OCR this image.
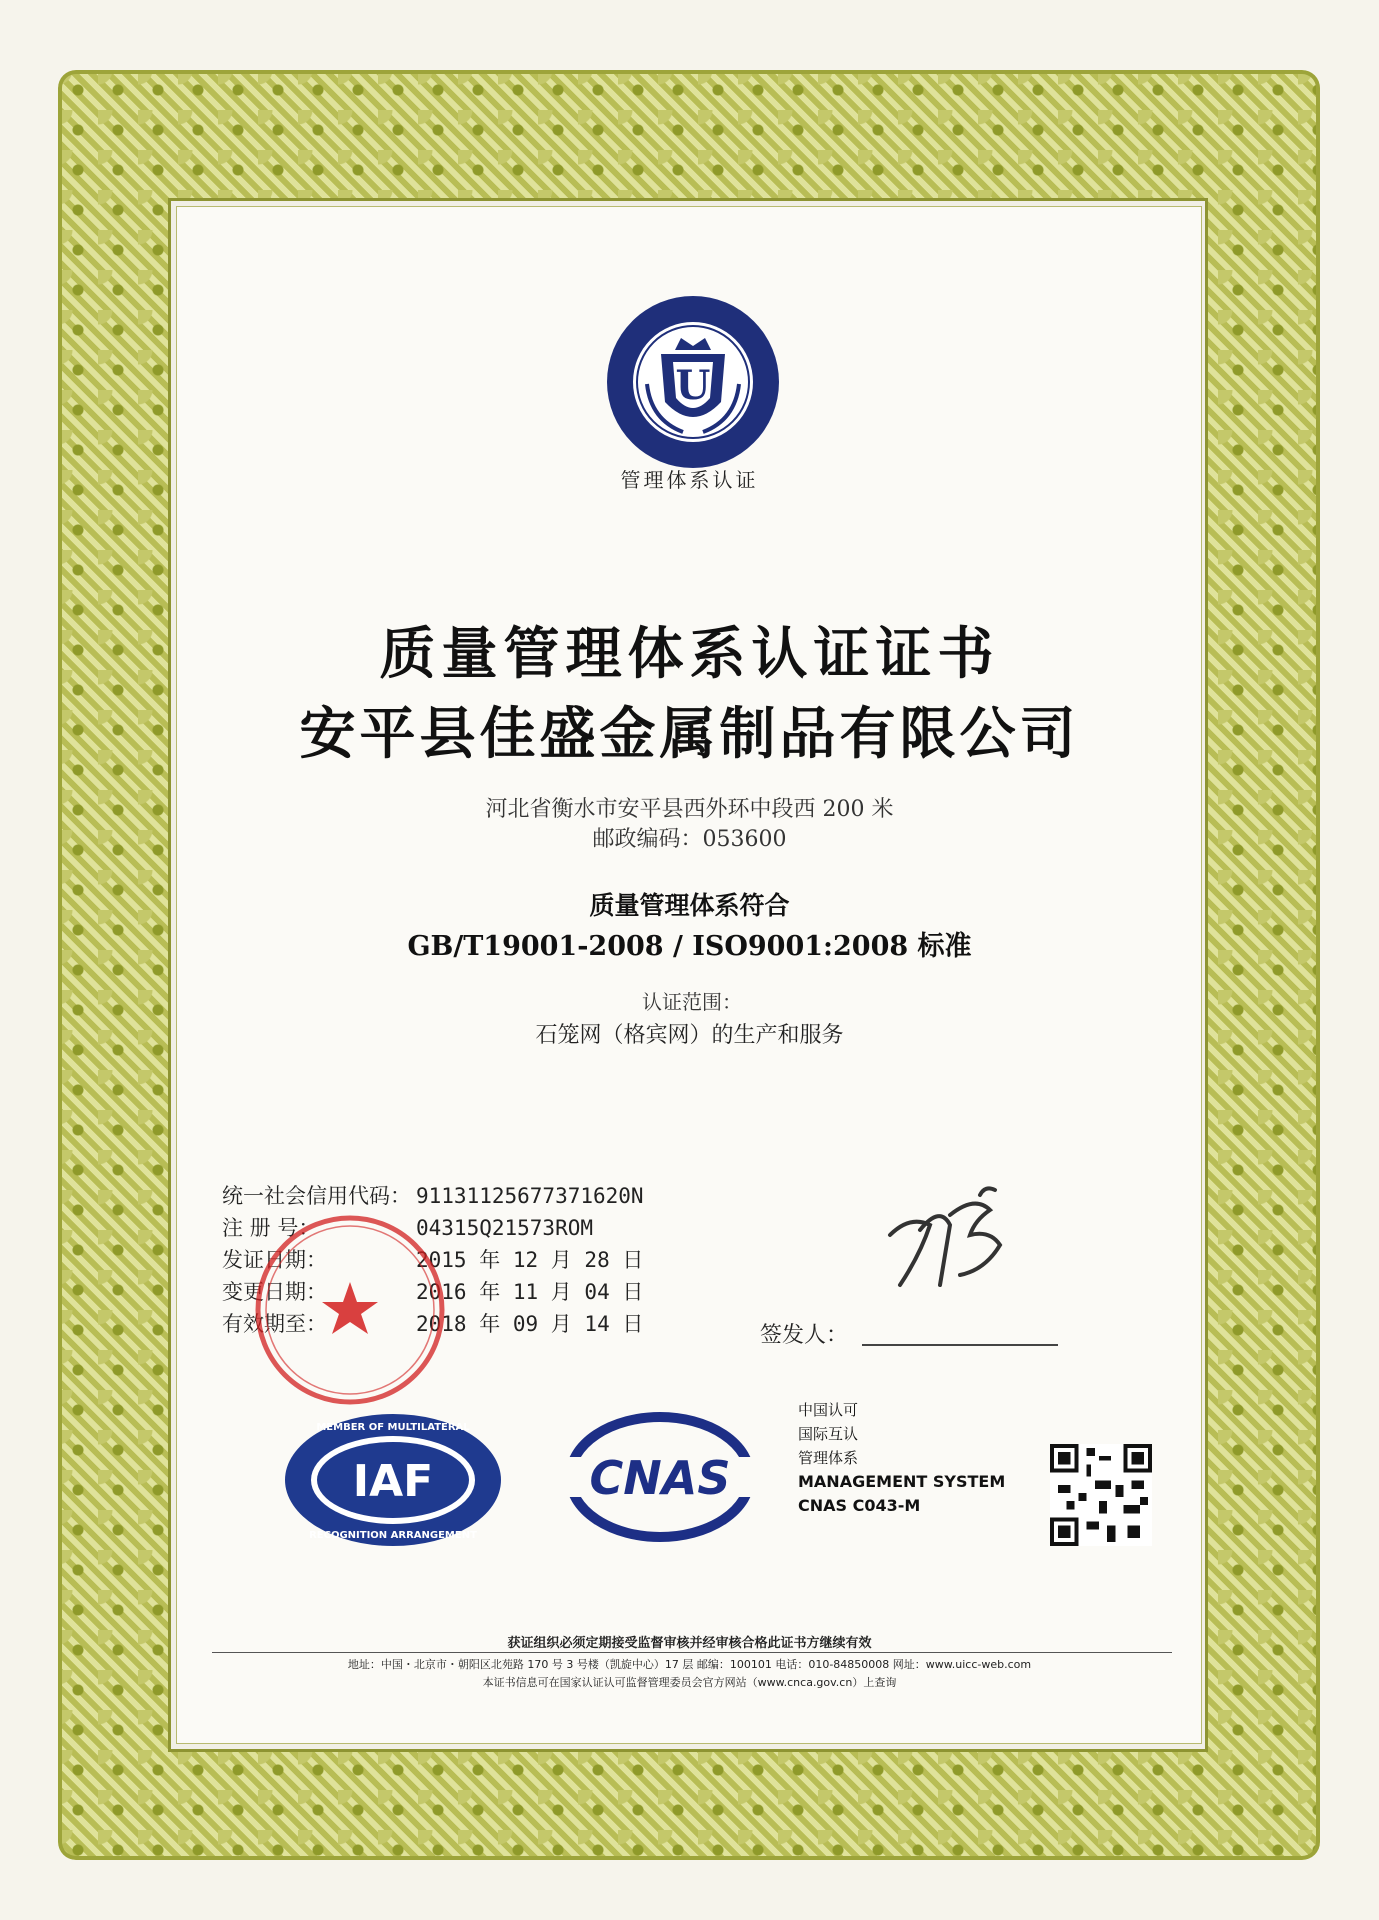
U
管理体系认证
质量管理体系认证证书
安平县佳盛金属制品有限公司
河北省衡水市安平县西外环中段西 200 米
邮政编码：053600
质量管理体系符合
GB/T19001-2008 / ISO9001:2008 标准
认证范围：
石笼网（格宾网）的生产和服务
统一社会信用代码： 91131125677371620N
注 册 号：	04315Q21573ROM
发证日期：	2015 年 12 月 28 日
变更日期：	2016 年 11 月 04 日
有效期至：	2018 年 09 月 14 日	签发人：
IAF
MEMBER OF MULTILATERAL
RECOGNITION ARRANGEMENT
CNAS
中国认可
国际互认
管理体系
MANAGEMENT SYSTEM
CNAS C043-M
获证组织必须定期接受监督审核并经审核合格此证书方继续有效
地址：中国・北京市・朝阳区北苑路 170 号 3 号楼（凯旋中心）17 层 邮编：100101 电话：010-84850008 网址：www.uicc-web.com
本证书信息可在国家认证认可监督管理委员会官方网站（www.cnca.gov.cn）上查询
